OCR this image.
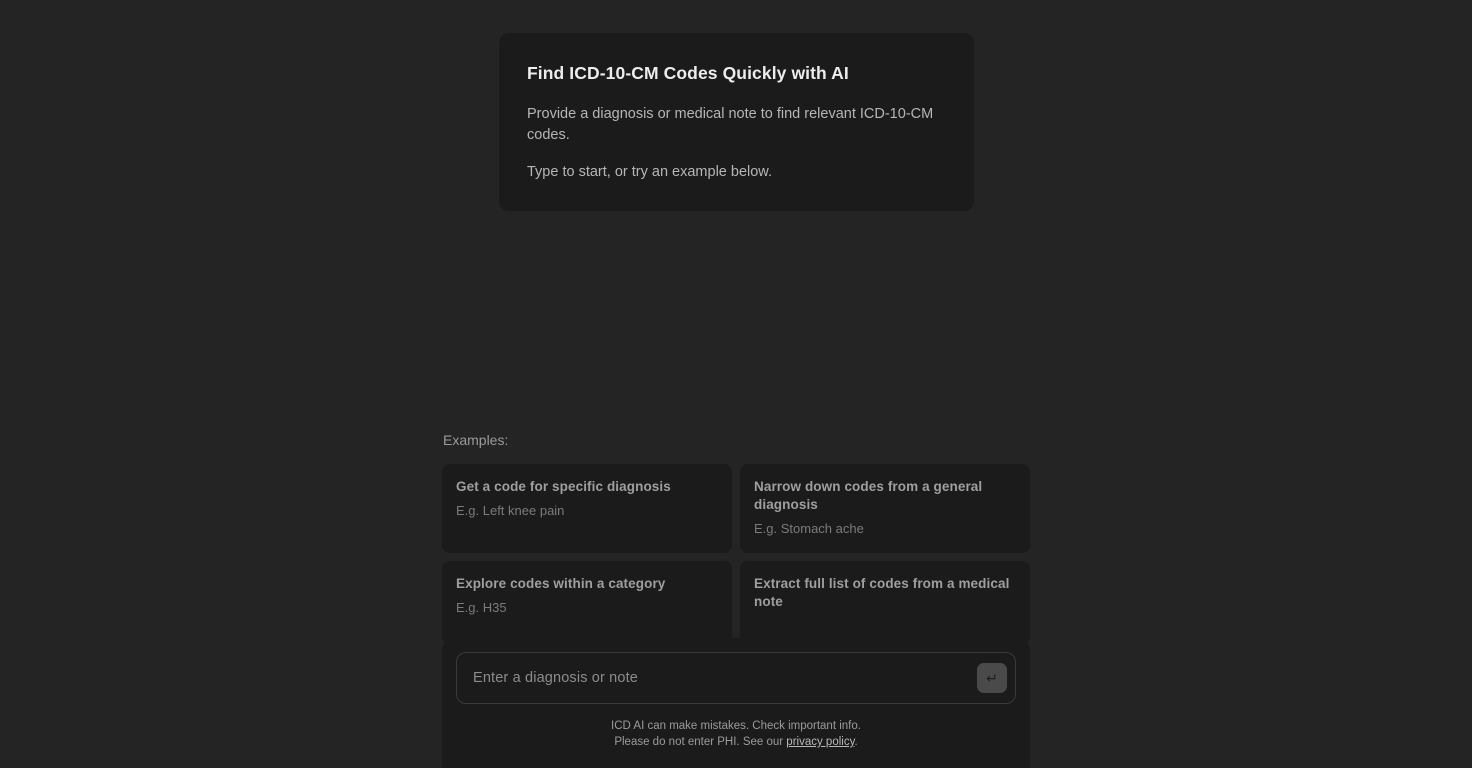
Find ICD-10-CM Codes Quickly with AI
Provide a diagnosis or medical note to find relevant ICD-10-CM codes.
Type to start, or try an example below.
Examples:
Get a code for specific diagnosis
E.g. Left knee pain
Narrow down codes from a general diagnosis
E.g. Stomach ache
Explore codes within a category
E.g. H35
Extract full list of codes from a medical note
Enter a diagnosis or note
↵
ICD AI can make mistakes. Check important info.
Please do not enter PHI. See our privacy policy.
